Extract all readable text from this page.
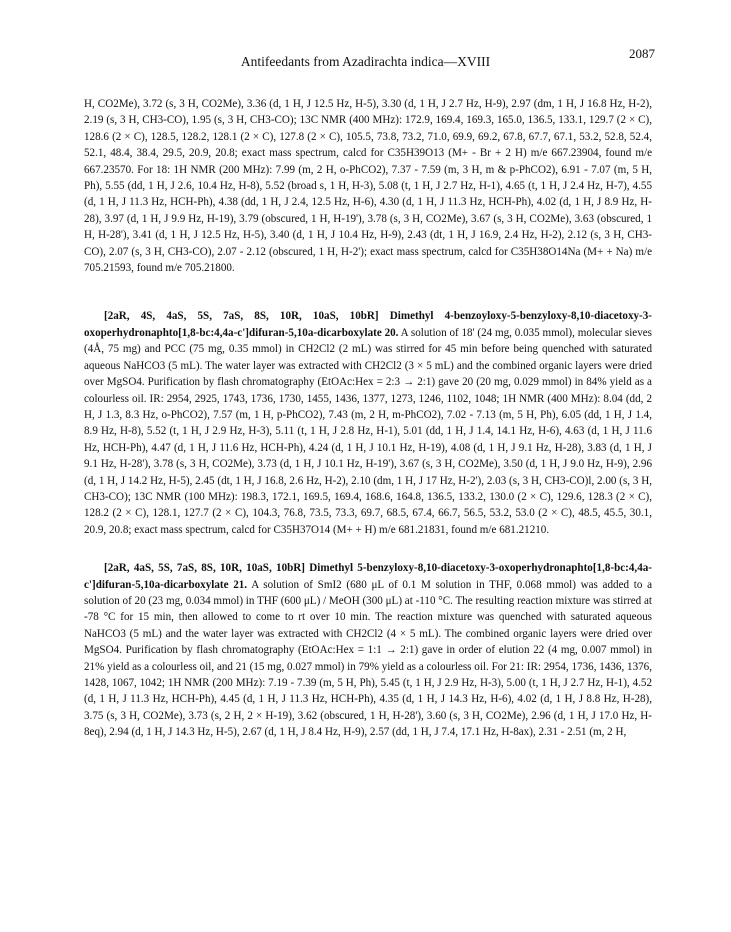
Antifeedants from Azadirachta indica—XVIII
2087

H, CO2Me), 3.72 (s, 3 H, CO2Me), 3.36 (d, 1 H, J 12.5 Hz, H-5), 3.30 (d, 1 H, J 2.7 Hz, H-9), 2.97 (dm, 1 H, J 16.8 Hz, H-2), 2.19 (s, 3 H, CH3-CO), 1.95 (s, 3 H, CH3-CO); 13C NMR (400 MHz): 172.9, 169.4, 169.3, 165.0, 136.5, 133.1, 129.7 (2 × C), 128.6 (2 × C), 128.5, 128.2, 128.1 (2 × C), 127.8 (2 × C), 105.5, 73.8, 73.2, 71.0, 69.9, 69.2, 67.8, 67.7, 67.1, 53.2, 52.8, 52.4, 52.1, 48.4, 38.4, 29.5, 20.9, 20.8; exact mass spectrum, calcd for C35H39O13 (M+ - Br + 2 H) m/e 667.23904, found m/e 667.23570. For 18: 1H NMR (200 MHz): 7.99 (m, 2 H, o-PhCO2), 7.37 - 7.59 (m, 3 H, m & p-PhCO2), 6.91 - 7.07 (m, 5 H, Ph), 5.55 (dd, 1 H, J 2.6, 10.4 Hz, H-8), 5.52 (broad s, 1 H, H-3), 5.08 (t, 1 H, J 2.7 Hz, H-1), 4.65 (t, 1 H, J 2.4 Hz, H-7), 4.55 (d, 1 H, J 11.3 Hz, HCH-Ph), 4.38 (dd, 1 H, J 2.4, 12.5 Hz, H-6), 4.30 (d, 1 H, J 11.3 Hz, HCH-Ph), 4.02 (d, 1 H, J 8.9 Hz, H-28), 3.97 (d, 1 H, J 9.9 Hz, H-19), 3.79 (obscured, 1 H, H-19'), 3.78 (s, 3 H, CO2Me), 3.67 (s, 3 H, CO2Me), 3.63 (obscured, 1 H, H-28'), 3.41 (d, 1 H, J 12.5 Hz, H-5), 3.40 (d, 1 H, J 10.4 Hz, H-9), 2.43 (dt, 1 H, J 16.9, 2.4 Hz, H-2), 2.12 (s, 3 H, CH3-CO), 2.07 (s, 3 H, CH3-CO), 2.07 - 2.12 (obscured, 1 H, H-2'); exact mass spectrum, calcd for C35H38O14Na (M+ + Na) m/e 705.21593, found m/e 705.21800.

[2aR, 4S, 4aS, 5S, 7aS, 8S, 10R, 10aS, 10bR] Dimethyl 4-benzoyloxy-5-benzyloxy-8,10-diacetoxy-3-oxoperhydronaphto[1,8-bc:4,4a-c']difuran-5,10a-dicarboxylate 20. A solution of 18' (24 mg, 0.035 mmol), molecular sieves (4Å, 75 mg) and PCC (75 mg, 0.35 mmol) in CH2Cl2 (2 mL) was stirred for 45 min before being quenched with saturated aqueous NaHCO3 (5 mL). The water layer was extracted with CH2Cl2 (3 × 5 mL) and the combined organic layers were dried over MgSO4. Purification by flash chromatography (EtOAc:Hex = 2:3 → 2:1) gave 20 (20 mg, 0.029 mmol) in 84% yield as a colourless oil. IR: 2954, 2925, 1743, 1736, 1730, 1455, 1436, 1377, 1273, 1246, 1102, 1048; 1H NMR (400 MHz): 8.04 (dd, 2 H, J 1.3, 8.3 Hz, o-PhCO2), 7.57 (m, 1 H, p-PhCO2), 7.43 (m, 2 H, m-PhCO2), 7.02 - 7.13 (m, 5 H, Ph), 6.05 (dd, 1 H, J 1.4, 8.9 Hz, H-8), 5.52 (t, 1 H, J 2.9 Hz, H-3), 5.11 (t, 1 H, J 2.8 Hz, H-1), 5.01 (dd, 1 H, J 1.4, 14.1 Hz, H-6), 4.63 (d, 1 H, J 11.6 Hz, HCH-Ph), 4.47 (d, 1 H, J 11.6 Hz, HCH-Ph), 4.24 (d, 1 H, J 10.1 Hz, H-19), 4.08 (d, 1 H, J 9.1 Hz, H-28), 3.83 (d, 1 H, J 9.1 Hz, H-28'), 3.78 (s, 3 H, CO2Me), 3.73 (d, 1 H, J 10.1 Hz, H-19'), 3.67 (s, 3 H, CO2Me), 3.50 (d, 1 H, J 9.0 Hz, H-9), 2.96 (d, 1 H, J 14.2 Hz, H-5), 2.45 (dt, 1 H, J 16.8, 2.6 Hz, H-2), 2.10 (dm, 1 H, J 17 Hz, H-2'), 2.03 (s, 3 H, CH3-CO)l, 2.00 (s, 3 H, CH3-CO); 13C NMR (100 MHz): 198.3, 172.1, 169.5, 169.4, 168.6, 164.8, 136.5, 133.2, 130.0 (2 × C), 129.6, 128.3 (2 × C), 128.2 (2 × C), 128.1, 127.7 (2 × C), 104.3, 76.8, 73.5, 73.3, 69.7, 68.5, 67.4, 66.7, 56.5, 53.2, 53.0 (2 × C), 48.5, 45.5, 30.1, 20.9, 20.8; exact mass spectrum, calcd for C35H37O14 (M+ + H) m/e 681.21831, found m/e 681.21210.

[2aR, 4aS, 5S, 7aS, 8S, 10R, 10aS, 10bR] Dimethyl 5-benzyloxy-8,10-diacetoxy-3-oxoperhydronaphto[1,8-bc:4,4a-c']difuran-5,10a-dicarboxylate 21. A solution of SmI2 (680 μL of 0.1 M solution in THF, 0.068 mmol) was added to a solution of 20 (23 mg, 0.034 mmol) in THF (600 μL) / MeOH (300 μL) at -110 °C. The resulting reaction mixture was stirred at -78 °C for 15 min, then allowed to come to rt over 10 min. The reaction mixture was quenched with saturated aqueous NaHCO3 (5 mL) and the water layer was extracted with CH2Cl2 (4 × 5 mL). The combined organic layers were dried over MgSO4. Purification by flash chromatography (EtOAc:Hex = 1:1 → 2:1) gave in order of elution 22 (4 mg, 0.007 mmol) in 21% yield as a colourless oil, and 21 (15 mg, 0.027 mmol) in 79% yield as a colourless oil. For 21: IR: 2954, 1736, 1436, 1376, 1428, 1067, 1042; 1H NMR (200 MHz): 7.19 - 7.39 (m, 5 H, Ph), 5.45 (t, 1 H, J 2.9 Hz, H-3), 5.00 (t, 1 H, J 2.7 Hz, H-1), 4.52 (d, 1 H, J 11.3 Hz, HCH-Ph), 4.45 (d, 1 H, J 11.3 Hz, HCH-Ph), 4.35 (d, 1 H, J 14.3 Hz, H-6), 4.02 (d, 1 H, J 8.8 Hz, H-28), 3.75 (s, 3 H, CO2Me), 3.73 (s, 2 H, 2 × H-19), 3.62 (obscured, 1 H, H-28'), 3.60 (s, 3 H, CO2Me), 2.96 (d, 1 H, J 17.0 Hz, H-8eq), 2.94 (d, 1 H, J 14.3 Hz, H-5), 2.67 (d, 1 H, J 8.4 Hz, H-9), 2.57 (dd, 1 H, J 7.4, 17.1 Hz, H-8ax), 2.31 - 2.51 (m, 2 H,
